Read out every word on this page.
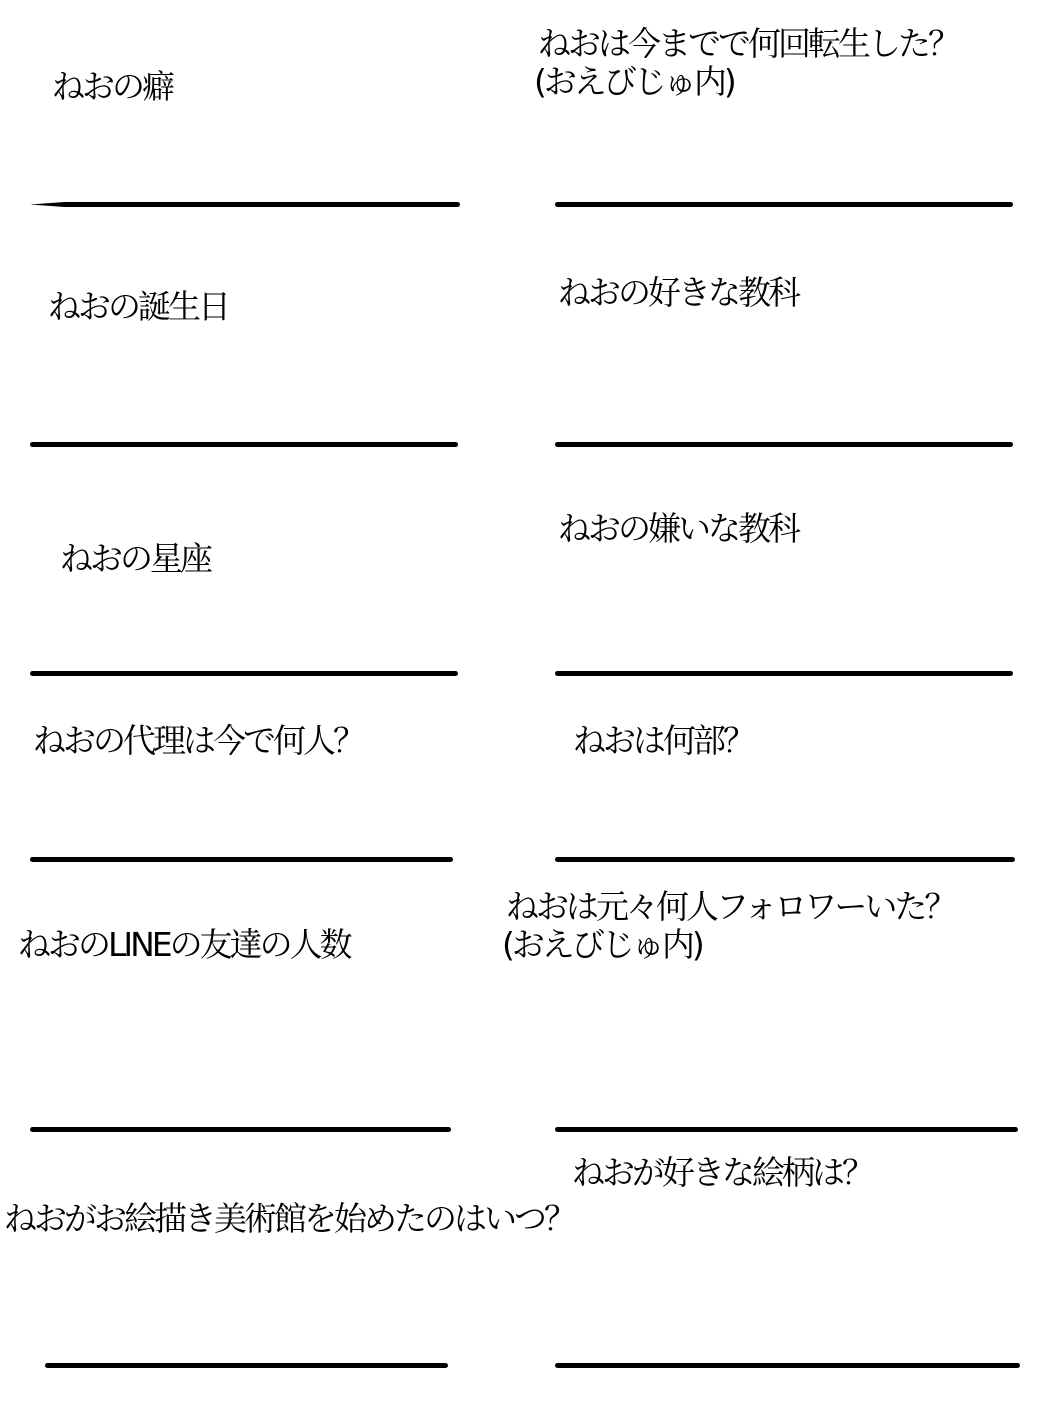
ねおの癖
ねおは今までで何回転生した？
(おえびじゅ内)
ねおの誕生日	ねおの好きな教科
ねおの星座
ねおの嫌いな教科
ねおの代理は今で何人？	ねおは何部？
ねおのLINEの友達の人数
ねおは元々何人フォロワーいた？
(おえびじゅ内)
ねおがお絵描き美術館を始めたのはいつ？
ねおが好きな絵柄は？
